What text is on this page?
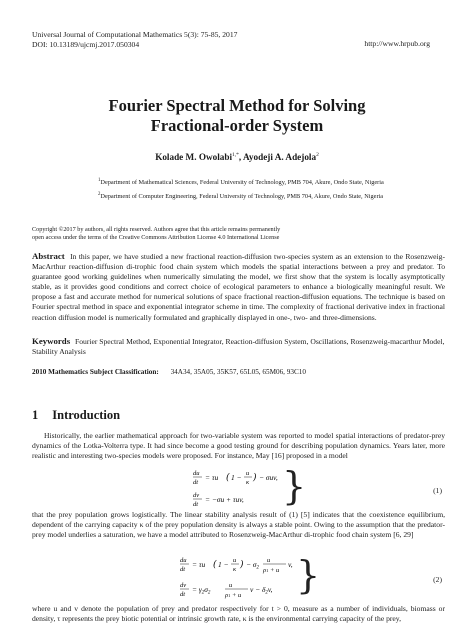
Universal Journal of Computational Mathematics 5(3): 75-85, 2017
DOI: 10.13189/ujcmj.2017.050304	http://www.hrpub.org
Fourier Spectral Method for Solving
Fractional-order System
Kolade M. Owolabi$^{1,*}$, Ayodeji A. Adejola$^2$
$^1$Department of Mathematical Sciences, Federal University of Technology, PMB 704, Akure, Ondo State, Nigeria
$^2$Department of Computer Engineering, Federal University of Technology, PMB 704, Akure, Ondo State, Nigeria
Copyright ©2017 by authors, all rights reserved. Authors agree that this article remains permanently
open access under the terms of the Creative Commons Attribution License 4.0 International License
Abstract In this paper, we have studied a new fractional reaction-diffusion two-species system as an extension to the Rosenzweig-MacArthur reaction-diffusion di-trophic food chain system which models the spatial interactions between a prey and predator. To guarantee good working guidelines when numerically simulating the model, we first show that the system is locally asymptotically stable, as it provides good conditions and correct choice of ecological parameters to enhance a biologically meaningful result. We propose a fast and accurate method for numerical solutions of space fractional reaction-diffusion equations. The technique is based on Fourier spectral method in space and exponential integrator scheme in time. The complexity of fractional derivative index in fractional reaction diffusion model is numerically formulated and graphically displayed in one-, two- and three-dimensions.
Keywords Fourier Spectral Method, Exponential Integrator, Reaction-diffusion System, Oscillations, Rosenzweig-macarthur Model, Stability Analysis
2010 Mathematics Subject Classification: 34A34, 35A05, 35K57, 65L05, 65M06, 93C10
1 Introduction
Historically, the earlier mathematical approach for two-variable system was reported to model spatial interactions of predator-prey dynamics of the Lotka-Volterra type. It had since become a good testing ground for describing population dynamics. Years later, more realistic and interesting two-species models were proposed. For instance, May [16] proposed in a model
du
dt
= τu ( 1 − u
κ ) − σuv,
dv
dt
= −σu + τuv, }	(1)
that the prey population grows logistically. The linear stability analysis result of (1) [5] indicates that the coexistence equilibrium, dependent of the carrying capacity κ of the prey population density is always a stable point. Owing to the assumption that the predator-prey model underlies a saturation, we have a model attributed to Rosenzweig-MacArthur di-trophic food chain system [6, 29]
du
dt
= τu ( 1 − u
κ ) − $\sigma_2$
u
ρ1 + u
v,
dv
dt
= $\gamma_2\sigma_2$
u
ρ1 + u
$v - \delta_2v$, }	(2)
where u and v denote the population of prey and predator respectively for t > 0, measure as a number of individuals, biomass or density, τ represents the prey biotic potential or intrinsic growth rate, κ is the environmental carrying capacity of the prey,
